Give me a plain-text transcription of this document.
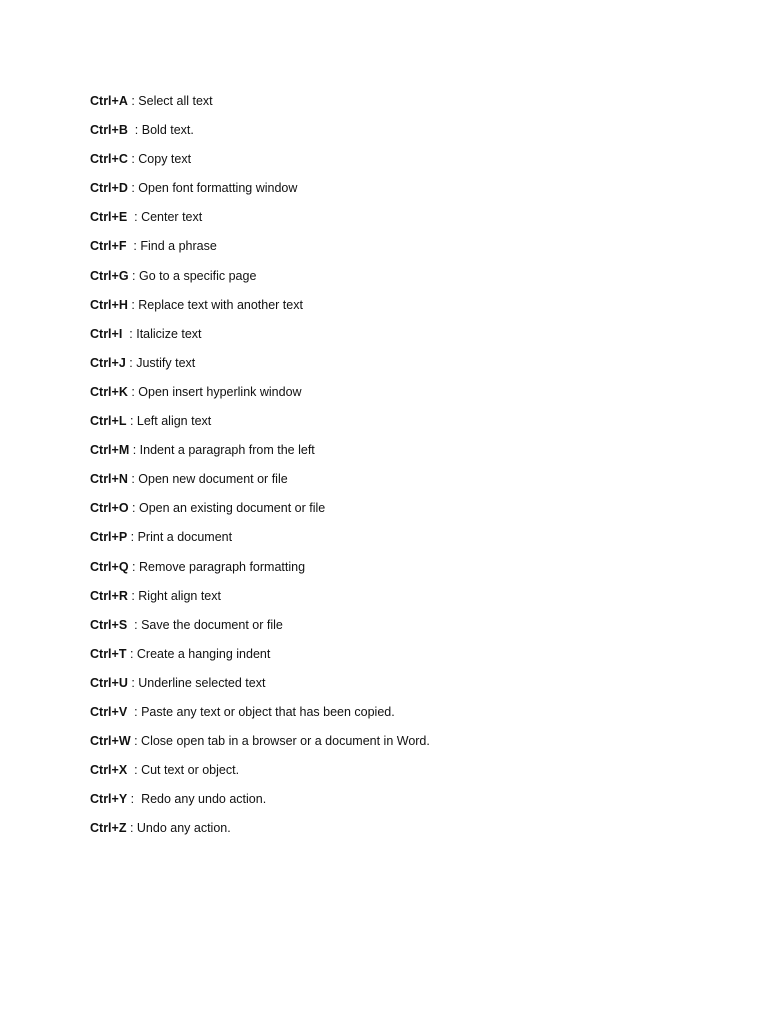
Ctrl+A : Select all text
Ctrl+B  : Bold text.
Ctrl+C : Copy text
Ctrl+D : Open font formatting window
Ctrl+E  : Center text
Ctrl+F  : Find a phrase
Ctrl+G : Go to a specific page
Ctrl+H : Replace text with another text
Ctrl+I  : Italicize text
Ctrl+J : Justify text
Ctrl+K : Open insert hyperlink window
Ctrl+L : Left align text
Ctrl+M : Indent a paragraph from the left
Ctrl+N : Open new document or file
Ctrl+O : Open an existing document or file
Ctrl+P : Print a document
Ctrl+Q : Remove paragraph formatting
Ctrl+R : Right align text
Ctrl+S  : Save the document or file
Ctrl+T : Create a hanging indent
Ctrl+U : Underline selected text
Ctrl+V  : Paste any text or object that has been copied.
Ctrl+W : Close open tab in a browser or a document in Word.
Ctrl+X  : Cut text or object.
Ctrl+Y :  Redo any undo action.
Ctrl+Z : Undo any action.
